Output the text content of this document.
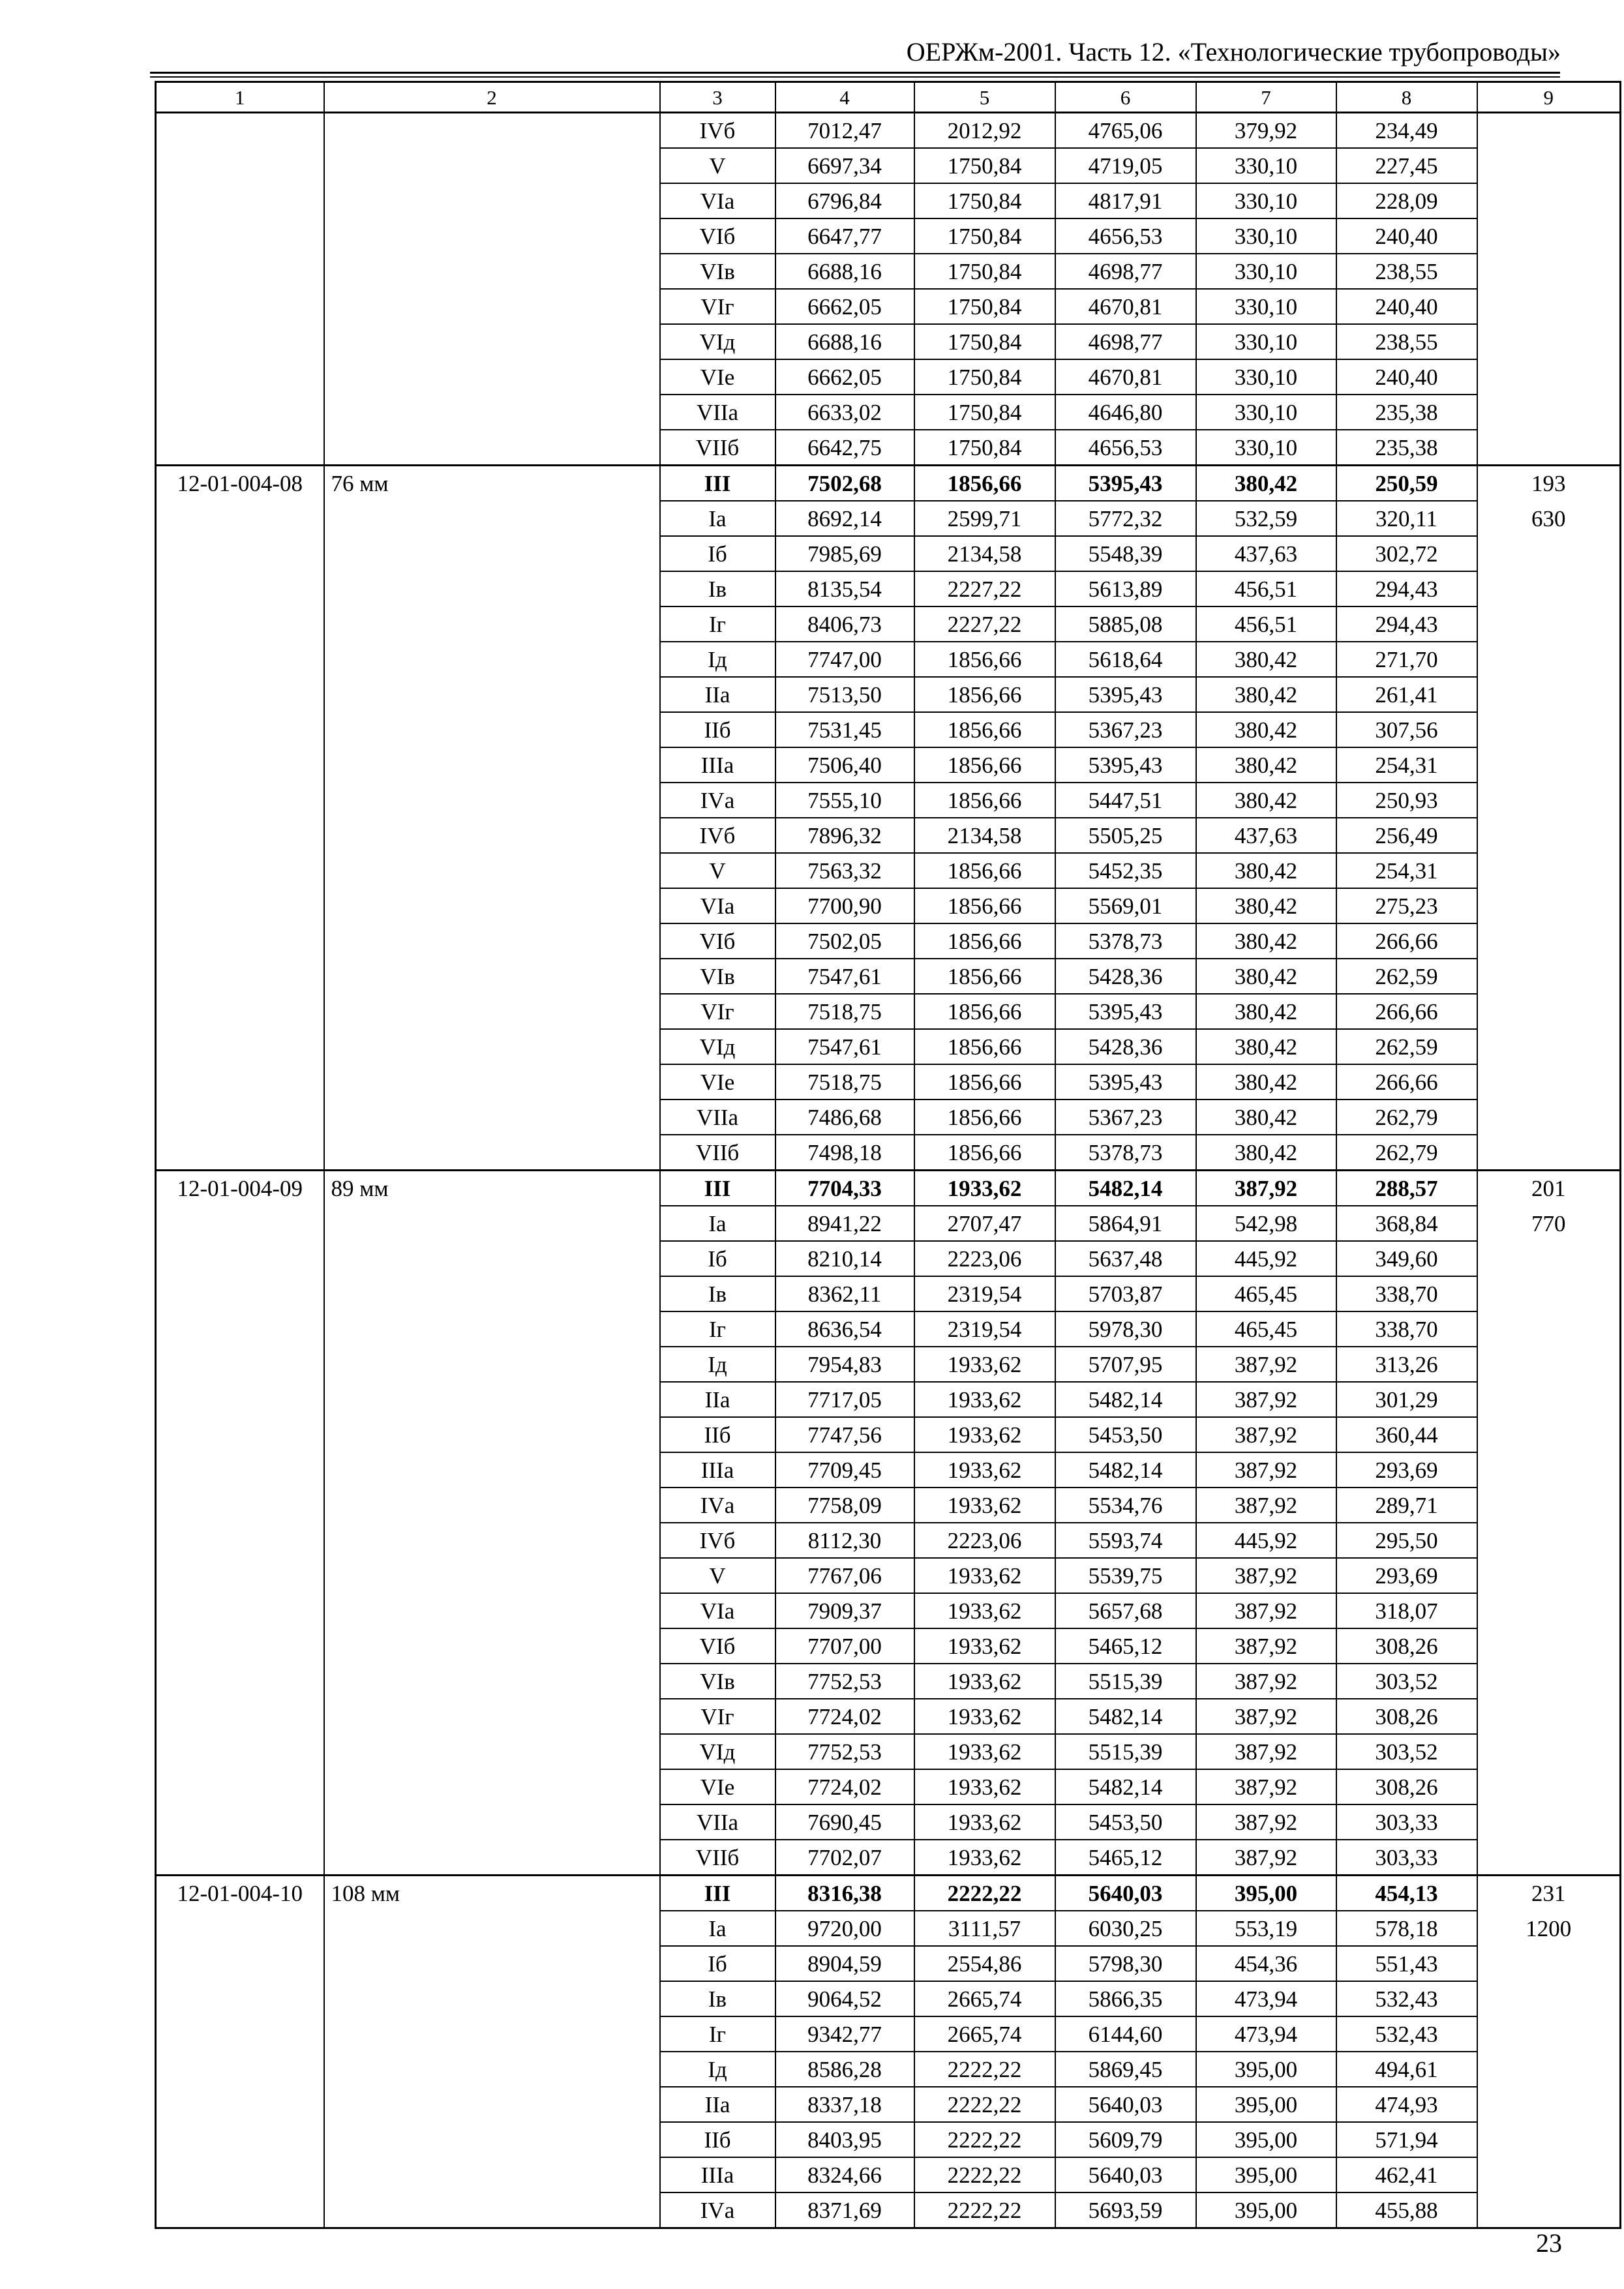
ОЕРЖм-2001. Часть 12. «Технологические трубопроводы»
1	2	3	4	5	6	7	8	9
		IVб	7012,47	2012,92	4765,06	379,92	234,49	
		V	6697,34	1750,84	4719,05	330,10	227,45	
		VIа	6796,84	1750,84	4817,91	330,10	228,09	
		VIб	6647,77	1750,84	4656,53	330,10	240,40	
		VIв	6688,16	1750,84	4698,77	330,10	238,55	
		VIг	6662,05	1750,84	4670,81	330,10	240,40	
		VIд	6688,16	1750,84	4698,77	330,10	238,55	
		VIе	6662,05	1750,84	4670,81	330,10	240,40	
		VIIа	6633,02	1750,84	4646,80	330,10	235,38	
		VIIб	6642,75	1750,84	4656,53	330,10	235,38	
12-01-004-08	76 мм	III	7502,68	1856,66	5395,43	380,42	250,59	193
		Iа	8692,14	2599,71	5772,32	532,59	320,11	630
		Iб	7985,69	2134,58	5548,39	437,63	302,72	
		Iв	8135,54	2227,22	5613,89	456,51	294,43	
		Iг	8406,73	2227,22	5885,08	456,51	294,43	
		Iд	7747,00	1856,66	5618,64	380,42	271,70	
		IIа	7513,50	1856,66	5395,43	380,42	261,41	
		IIб	7531,45	1856,66	5367,23	380,42	307,56	
		IIIа	7506,40	1856,66	5395,43	380,42	254,31	
		IVа	7555,10	1856,66	5447,51	380,42	250,93	
		IVб	7896,32	2134,58	5505,25	437,63	256,49	
		V	7563,32	1856,66	5452,35	380,42	254,31	
		VIа	7700,90	1856,66	5569,01	380,42	275,23	
		VIб	7502,05	1856,66	5378,73	380,42	266,66	
		VIв	7547,61	1856,66	5428,36	380,42	262,59	
		VIг	7518,75	1856,66	5395,43	380,42	266,66	
		VIд	7547,61	1856,66	5428,36	380,42	262,59	
		VIе	7518,75	1856,66	5395,43	380,42	266,66	
		VIIа	7486,68	1856,66	5367,23	380,42	262,79	
		VIIб	7498,18	1856,66	5378,73	380,42	262,79	
12-01-004-09	89 мм	III	7704,33	1933,62	5482,14	387,92	288,57	201
		Iа	8941,22	2707,47	5864,91	542,98	368,84	770
		Iб	8210,14	2223,06	5637,48	445,92	349,60	
		Iв	8362,11	2319,54	5703,87	465,45	338,70	
		Iг	8636,54	2319,54	5978,30	465,45	338,70	
		Iд	7954,83	1933,62	5707,95	387,92	313,26	
		IIа	7717,05	1933,62	5482,14	387,92	301,29	
		IIб	7747,56	1933,62	5453,50	387,92	360,44	
		IIIа	7709,45	1933,62	5482,14	387,92	293,69	
		IVа	7758,09	1933,62	5534,76	387,92	289,71	
		IVб	8112,30	2223,06	5593,74	445,92	295,50	
		V	7767,06	1933,62	5539,75	387,92	293,69	
		VIа	7909,37	1933,62	5657,68	387,92	318,07	
		VIб	7707,00	1933,62	5465,12	387,92	308,26	
		VIв	7752,53	1933,62	5515,39	387,92	303,52	
		VIг	7724,02	1933,62	5482,14	387,92	308,26	
		VIд	7752,53	1933,62	5515,39	387,92	303,52	
		VIе	7724,02	1933,62	5482,14	387,92	308,26	
		VIIа	7690,45	1933,62	5453,50	387,92	303,33	
		VIIб	7702,07	1933,62	5465,12	387,92	303,33	
12-01-004-10	108 мм	III	8316,38	2222,22	5640,03	395,00	454,13	231
		Iа	9720,00	3111,57	6030,25	553,19	578,18	1200
		Iб	8904,59	2554,86	5798,30	454,36	551,43	
		Iв	9064,52	2665,74	5866,35	473,94	532,43	
		Iг	9342,77	2665,74	6144,60	473,94	532,43	
		Iд	8586,28	2222,22	5869,45	395,00	494,61	
		IIа	8337,18	2222,22	5640,03	395,00	474,93	
		IIб	8403,95	2222,22	5609,79	395,00	571,94	
		IIIа	8324,66	2222,22	5640,03	395,00	462,41	
		IVа	8371,69	2222,22	5693,59	395,00	455,88	
23
